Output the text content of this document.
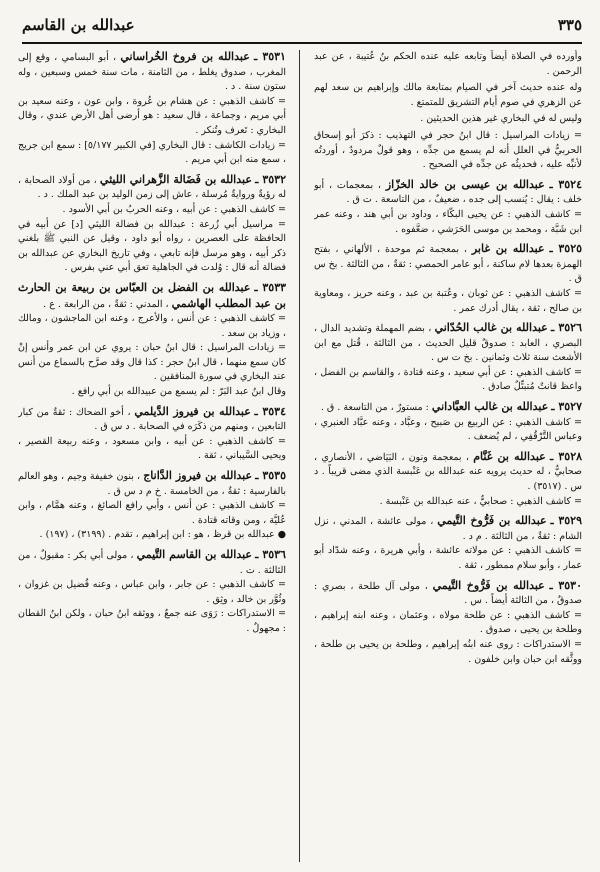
٣٣٥
عبدالله بن القاسم

وأورده في الصلاة أيضاً وتابعه عليه عنده الحكم بنُ عُتيبة ، عن عبد الرحمن .

وله عنده حديث آخر في الصيام بمتابعة مالك وإبراهيم بن سعد لهم عن الزهري في صوم أيام التشريق للمتمتع .

وليس له في البخاري غير هذين الحديثين .

= زيادات المراسيل : قال ابنُ حجر في التهذيب : ذكرَ أبو إسحاق الحربيُّ في العلل أنه لم يسمع من جدِّه ، وهو قولٌ مردودٌ ، أوردتُه لأنبِّه عليه ، فحديثُه عن جدِّه في الصحيح .

٣٥٢٤ ـ عبدالله بن عيسى بن خالد الخزّاز ، بمعجمات ، أبو خلف : يقال : يُنسب إلى جده ، ضعيفٌ ، من التاسعة . ت ق .

= كاشف الذهبي : عن يحيى البكّاء ، وداود بن أبي هند ، وعنه عمر ابن شَبَّة ، ومحمد بن موسى الحَرَشي ، ضعَّفوه .

٣٥٢٥ ـ عبدالله بن غابر ، بمعجمة ثم موحدة ، الألهاني ، بفتح الهمزة بعدها لام ساكنة ، أبو عامر الحمصي : ثقةٌ ، من الثالثة . بخ س ق .

= كاشف الذهبي : عن ثوبان ، وعُتبة بن عبد ، وعنه حريز ، ومعاوية بن صالح ، ثقة ، يقال أدرك عمر .

٣٥٢٦ ـ عبدالله بن غالب الحُدّاني ، بضم المهملة وتشديد الدال ، البصري ، العابد : صدوقٌ قليل الحديث ، من الثالثة ، قُتل مع ابن الأشعث سنة ثلاث وثمانين . بخ ت س .

= كاشف الذهبي : عن أبي سعيد ، وعنه قتادة ، والقاسم بن الفضل ، واعظ قانتٌ مُتبتِّلٌ صادق .

٣٥٢٧ ـ عبدالله بن غالب العبَّاداني : مستورٌ ، من التاسعة . ق .

= كاشف الذهبي : عن الربيع بن صَبيح ، وعبَّاد ، وعنه عبَّاد العنبري ، وعباس التَّرْقُفِي ، لم يُضعف .

٣٥٢٨ ـ عبدالله بن غَنَّام ، بمعجمة ونون ، البَيَاضي ، الأنصاري ، صحابيٌّ ، له حديث يرويه عنه عبدالله بن عَنْبسة الذي مضى قريباً . د س . (٣٥١٧) .

= كاشف الذهبي : صحابيٌّ ، عنه عبدالله بن عَنْبسة .

٣٥٢٩ ـ عبدالله بن فَرُّوخ التَّيمي ، مولى عائشة ، المدني ، نزل الشام : ثقةٌ ، من الثالثة . م د .

= كاشف الذهبي : عن مولاته عائشة ، وأبي هريرة ، وعنه شدّاد أبو عمار ، وأبو سلام ممطور ، ثقة .

٣٥٣٠ ـ عبدالله بن فَرُّوخ التَّيمي ، مولى آل طلحة ، بصري : صدوقٌ ، من الثالثة أيضاً . س .

= كاشف الذهبي : عن طلحة مولاه ، وعثمان ، وعنه ابنه إبراهيم ، وطلحة بن يحيى ، صدوق .

= الاستدراكات : روى عنه ابنُه إبراهيم ، وطلحة بن يحيى بن طلحة ، ووثَّقه ابن حبان وابن خلفون .

٣٥٣١ ـ عبدالله بن فروخ الخُراساني ، أبو البسامي ، وقع إلى المغرب ، صدوق يغلط ، من الثامنة ، مات سنة خمس وسبعين ، وله ستون سنة . د .

= كاشف الذهبي : عن هشام بن عُروة ، وابن عون ، وعنه سعيد بن أبي مريم ، وجماعة ، قال سعيد : هو أرضى أهل الأرض عندي ، وقال البخاري : تَعرف وتُنكر .

= زيادات الكاشف : قال البخاري [في الكبير ٥/١٧٧] : سمع ابن جريج ، سمع منه ابن أبي مريم .

٣٥٣٢ ـ عبدالله بن فَضَالة الزَّهراني الليثي ، من أولاد الصحابة ، له رؤيةٌ وروايةٌ مُرسلة ، عاش إلى زمن الوليد بن عبد الملك . د .

= كاشف الذهبي : عن أبيه ، وعنه الحربُ بن أبي الأسود .

= مراسيل أبي زُرعة : عبدالله بن فضالة الليثي [د] عن أبيه في الحافظة على العصرين ، رواه أبو داود ، وقيل عن النبي ﷺ بلغني ذكر أبيه ، وهو مرسل فإنه تابعي ، وفي تاريخ البخاري عن عبدالله بن فضالة أنه قال : وُلدت في الجاهلية تعق أبي عني بفرس .

٣٥٣٣ ـ عبدالله بن الفضل بن العبّاس بن ربيعة بن الحارث بن عبد المطلب الهاشمي ، المدني : ثقةٌ ، من الرابعة . ع .

= كاشف الذهبي : عن أنس ، والأعرج ، وعنه ابن الماجشون ، ومالك ، وزياد بن سعد .

= زيادات المراسيل : قال ابنُ حبان : يروي عن ابن عمر وأنس إنْ كان سمع منهما ، قال ابنُ حجر : كذا قال وقد صرَّح بالسماع من أنس عند البخاري في سورة المنافقين .

وقال ابنُ عبد البَرّ : لم يسمع من عبيدالله بن أبي رافع .

٣٥٣٤ ـ عبدالله بن فيروز الدَّيلمي ، أخو الضحاك : ثقةٌ من كبار التابعين ، ومنهم من ذكَرَه في الصحابة . د س ق .

= كاشف الذهبي : عن أبيه ، وابن مسعود ، وعنه ربيعة القصير ، ويحيى السَّيباني ، ثقة .

٣٥٣٥ ـ عبدالله بن فيروز الدَّاناج ، بنون خفيفة وجيم ، وهو العالم بالفارسية : ثقةٌ ، من الخامسة . خ م د س ق .

= كاشف الذهبي : عن أنس ، وأبي رافع الصائغ ، وعنه همَّام ، وابن عُليَّة ، ومن وقاته قتادة .

● عبدالله بن قرظ ، هو : ابن إبراهيم ، تقدم . (٣١٩٩) ، (١٩٧) .

٣٥٣٦ ـ عبدالله بن القاسم التَّيمي ، مولى أبي بكر : مقبولٌ ، من الثالثة . ت .

= كاشف الذهبي : عن جابر ، وابن عباس ، وعنه فُضيل بن غزوان ، وثُوَّر بن خالد ، وثِق .

= الاستدراكات : رَوَى عنه جمعٌ ، ووثقه ابنُ حبان ، ولكن ابنُ القطان : مجهولٌ .
